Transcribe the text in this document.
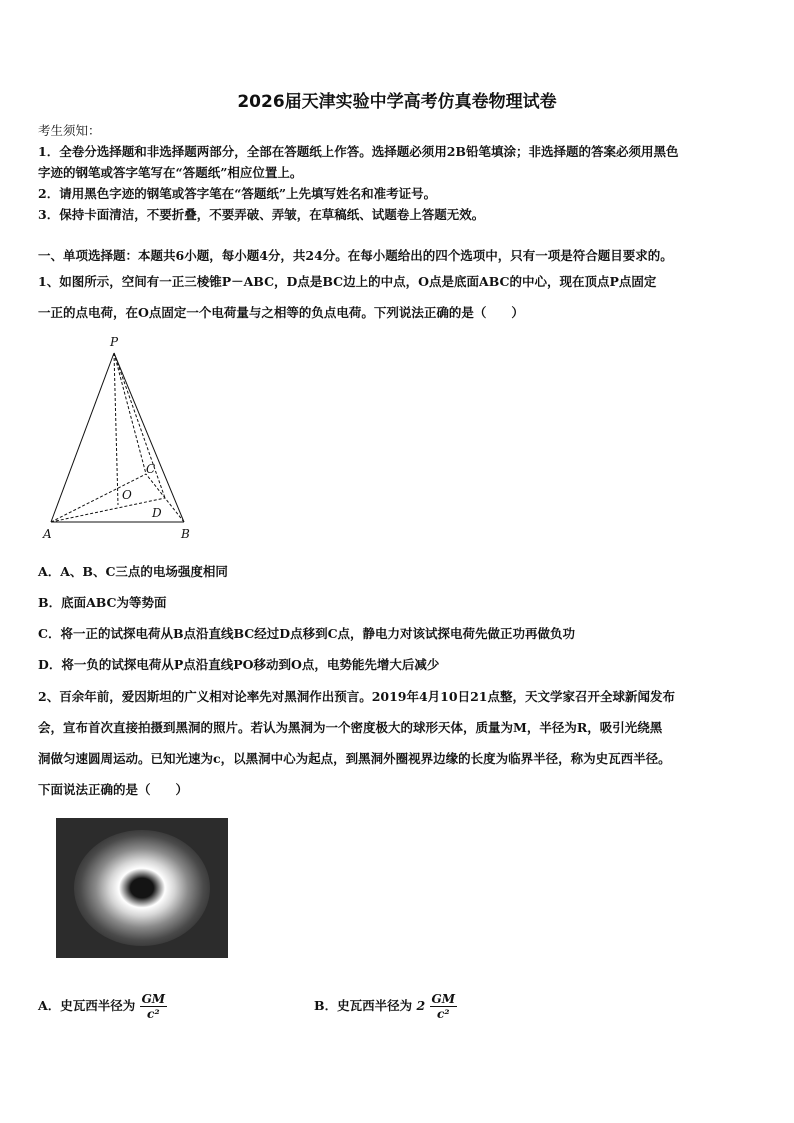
2026届天津实验中学高考仿真卷物理试卷
考生须知：
1．全卷分选择题和非选择题两部分，全部在答题纸上作答。选择题必须用2B铅笔填涂；非选择题的答案必须用黑色
字迹的钢笔或答字笔写在“答题纸”相应位置上。
2．请用黑色字迹的钢笔或答字笔在“答题纸”上先填写姓名和准考证号。
3．保持卡面清洁，不要折叠，不要弄破、弄皱，在草稿纸、试题卷上答题无效。
一、单项选择题：本题共6小题，每小题4分，共24分。在每小题给出的四个选项中，只有一项是符合题目要求的。
1、如图所示，空间有一正三棱锥P－ABC，D点是BC边上的中点，O点是底面ABC的中心，现在顶点P点固定
一正的点电荷，在O点固定一个电荷量与之相等的负点电荷。下列说法正确的是（　　）
P
A	B
C
O
D
A．A、B、C三点的电场强度相同
B．底面ABC为等势面
C．将一正的试探电荷从B点沿直线BC经过D点移到C点，静电力对该试探电荷先做正功再做负功
D．将一负的试探电荷从P点沿直线PO移动到O点，电势能先增大后减少
2、百余年前，爱因斯坦的广义相对论率先对黑洞作出预言。2019年4月10日21点整，天文学家召开全球新闻发布
会，宣布首次直接拍摄到黑洞的照片。若认为黑洞为一个密度极大的球形天体，质量为M，半径为R，吸引光绕黑
洞做匀速圆周运动。已知光速为c，以黑洞中心为起点，到黑洞外圈视界边缘的长度为临界半径，称为史瓦西半径。
下面说法正确的是（　　）
A．史瓦西半径为 $\frac{GM}{\text{c²}}$	B．史瓦西半径为 $2 \frac{GM}{\text{c²}}$
